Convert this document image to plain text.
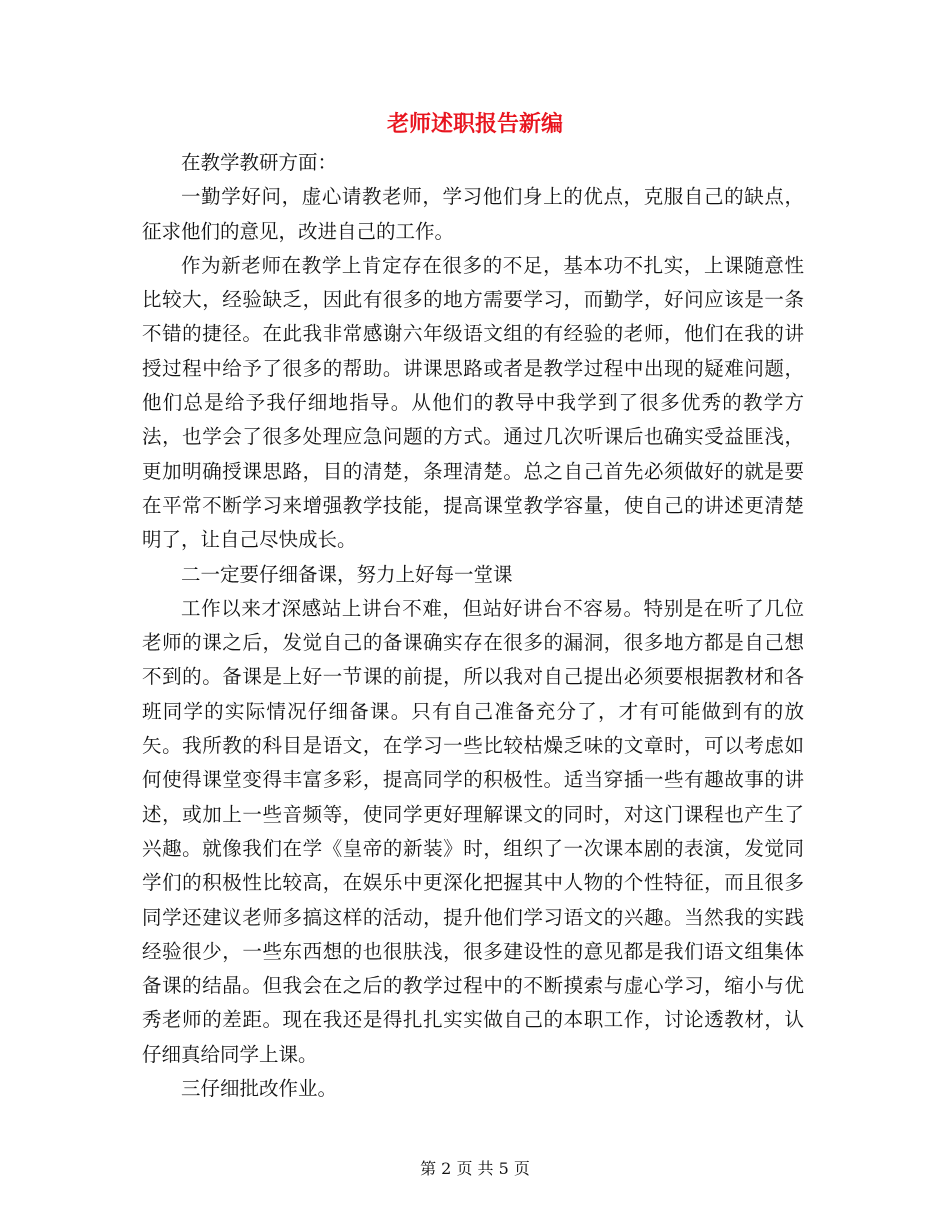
老师述职报告新编

在教学教研方面：

一勤学好问，虚心请教老师，学习他们身上的优点，克服自己的缺点，征求他们的意见，改进自己的工作。

作为新老师在教学上肯定存在很多的不足，基本功不扎实，上课随意性比较大，经验缺乏，因此有很多的地方需要学习，而勤学，好问应该是一条不错的捷径。在此我非常感谢六年级语文组的有经验的老师，他们在我的讲授过程中给予了很多的帮助。讲课思路或者是教学过程中出现的疑难问题，他们总是给予我仔细地指导。从他们的教导中我学到了很多优秀的教学方法，也学会了很多处理应急问题的方式。通过几次听课后也确实受益匪浅，更加明确授课思路，目的清楚，条理清楚。总之自己首先必须做好的就是要在平常不断学习来增强教学技能，提高课堂教学容量，使自己的讲述更清楚明了，让自己尽快成长。

二一定要仔细备课，努力上好每一堂课

工作以来才深感站上讲台不难，但站好讲台不容易。特别是在听了几位老师的课之后，发觉自己的备课确实存在很多的漏洞，很多地方都是自己想不到的。备课是上好一节课的前提，所以我对自己提出必须要根据教材和各班同学的实际情况仔细备课。只有自己准备充分了，才有可能做到有的放矢。我所教的科目是语文，在学习一些比较枯燥乏味的文章时，可以考虑如何使得课堂变得丰富多彩，提高同学的积极性。适当穿插一些有趣故事的讲述，或加上一些音频等，使同学更好理解课文的同时，对这门课程也产生了兴趣。就像我们在学《皇帝的新装》时，组织了一次课本剧的表演，发觉同学们的积极性比较高，在娱乐中更深化把握其中人物的个性特征，而且很多同学还建议老师多搞这样的活动，提升他们学习语文的兴趣。当然我的实践经验很少，一些东西想的也很肤浅，很多建设性的意见都是我们语文组集体备课的结晶。但我会在之后的教学过程中的不断摸索与虚心学习，缩小与优秀老师的差距。现在我还是得扎扎实实做自己的本职工作，讨论透教材，认仔细真给同学上课。

三仔细批改作业。

第 2 页 共 5 页
